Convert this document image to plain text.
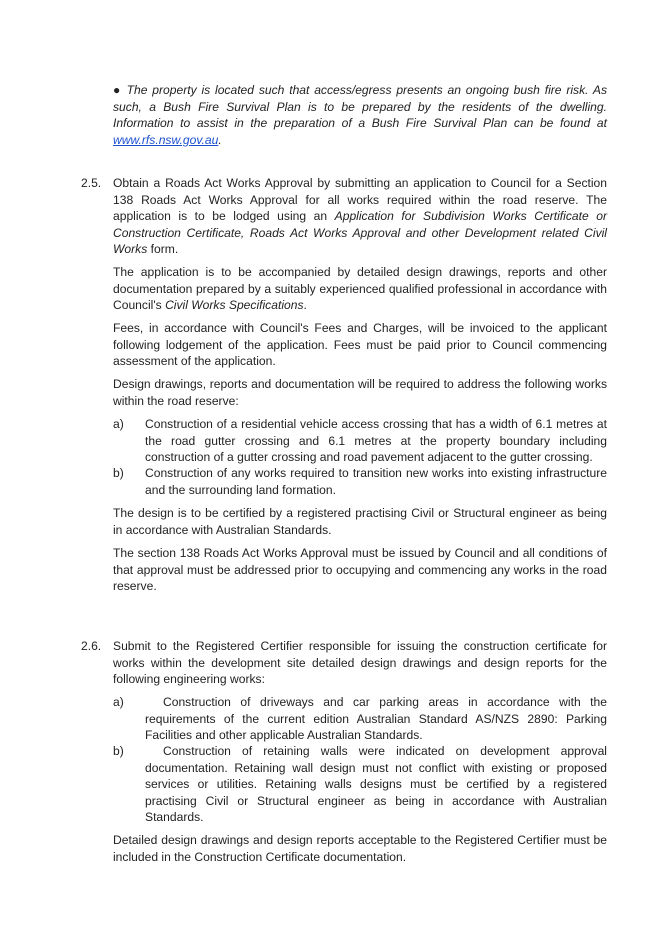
● The property is located such that access/egress presents an ongoing bush fire risk. As such, a Bush Fire Survival Plan is to be prepared by the residents of the dwelling. Information to assist in the preparation of a Bush Fire Survival Plan can be found at www.rfs.nsw.gov.au.

2.5. Obtain a Roads Act Works Approval by submitting an application to Council for a Section 138 Roads Act Works Approval for all works required within the road reserve. The application is to be lodged using an Application for Subdivision Works Certificate or Construction Certificate, Roads Act Works Approval and other Development related Civil Works form.

The application is to be accompanied by detailed design drawings, reports and other documentation prepared by a suitably experienced qualified professional in accordance with Council's Civil Works Specifications.

Fees, in accordance with Council's Fees and Charges, will be invoiced to the applicant following lodgement of the application. Fees must be paid prior to Council commencing assessment of the application.

Design drawings, reports and documentation will be required to address the following works within the road reserve:

a) Construction of a residential vehicle access crossing that has a width of 6.1 metres at the road gutter crossing and 6.1 metres at the property boundary including construction of a gutter crossing and road pavement adjacent to the gutter crossing.

b) Construction of any works required to transition new works into existing infrastructure and the surrounding land formation.

The design is to be certified by a registered practising Civil or Structural engineer as being in accordance with Australian Standards.

The section 138 Roads Act Works Approval must be issued by Council and all conditions of that approval must be addressed prior to occupying and commencing any works in the road reserve.

2.6. Submit to the Registered Certifier responsible for issuing the construction certificate for works within the development site detailed design drawings and design reports for the following engineering works:

a)	Construction of driveways and car parking areas in accordance with the requirements of the current edition Australian Standard AS/NZS 2890: Parking Facilities and other applicable Australian Standards.

b)	Construction of retaining walls were indicated on development approval documentation. Retaining wall design must not conflict with existing or proposed services or utilities. Retaining walls designs must be certified by a registered practising Civil or Structural engineer as being in accordance with Australian Standards.

Detailed design drawings and design reports acceptable to the Registered Certifier must be included in the Construction Certificate documentation.
